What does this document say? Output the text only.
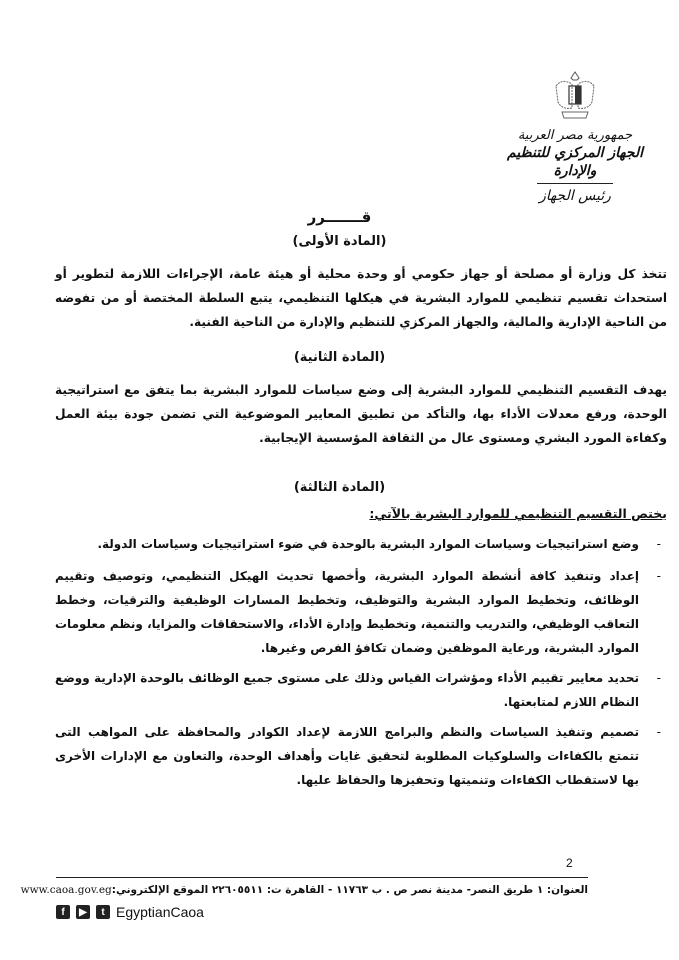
جمهورية مصر العربية
الجهاز المركزي للتنظيم والإدارة
رئيس الجهاز
قـــــــرر
(المادة الأولى)
تتخذ كل وزارة أو مصلحة أو جهاز حكومي أو وحدة محلية أو هيئة عامة، الإجراءات اللازمة لتطوير أو استحداث تقسيم تنظيمي للموارد البشرية في هيكلها التنظيمي، يتبع السلطة المختصة أو من تفوضه من الناحية الإدارية والمالية، والجهاز المركزي للتنظيم والإدارة من الناحية الفنية.
(المادة الثانية)
يهدف التقسيم التنظيمي للموارد البشرية إلى وضع سياسات للموارد البشرية بما يتفق مع استراتيجية الوحدة، ورفع معدلات الأداء بها، والتأكد من تطبيق المعايير الموضوعية التي تضمن جودة بيئة العمل وكفاءة المورد البشري ومستوى عال من الثقافة المؤسسية الإيجابية.
(المادة الثالثة)
يختص التقسيم التنظيمي للموارد البشرية بالآتي:
-
وضع استراتيجيات وسياسات الموارد البشرية بالوحدة في ضوء استراتيجيات وسياسات الدولة.
-
إعداد وتنفيذ كافة أنشطة الموارد البشرية، وأخصها تحديث الهيكل التنظيمي، وتوصيف وتقييم الوظائف، وتخطيط الموارد البشرية والتوظيف، وتخطيط المسارات الوظيفية والترقيات، وخطط التعاقب الوظيفي، والتدريب والتنمية، وتخطيط وإدارة الأداء، والاستحقاقات والمزايا، ونظم معلومات الموارد البشرية، ورعاية الموظفين وضمان تكافؤ الفرص وغيرها.
-
تحديد معايير تقييم الأداء ومؤشرات القياس وذلك على مستوى جميع الوظائف بالوحدة الإدارية ووضع النظام اللازم لمتابعتها.
-
تصميم وتنفيذ السياسات والنظم والبرامج اللازمة لإعداد الكوادر والمحافظة على المواهب التى تتمتع بالكفاءات والسلوكيات المطلوبة لتحقيق غايات وأهداف الوحدة، والتعاون مع الإدارات الأخرى بها لاستقطاب الكفاءات وتنميتها وتحفيزها والحفاظ عليها.
2
العنوان: ١ طريق النصر- مدينة نصر ص . ب ١١٧٦٣ - القاهرة ت: ٢٢٦٠٥٥١١ الموقع الإلكتروني:
www.caoa.gov.eg
f	▶	t EgyptianCaoa
